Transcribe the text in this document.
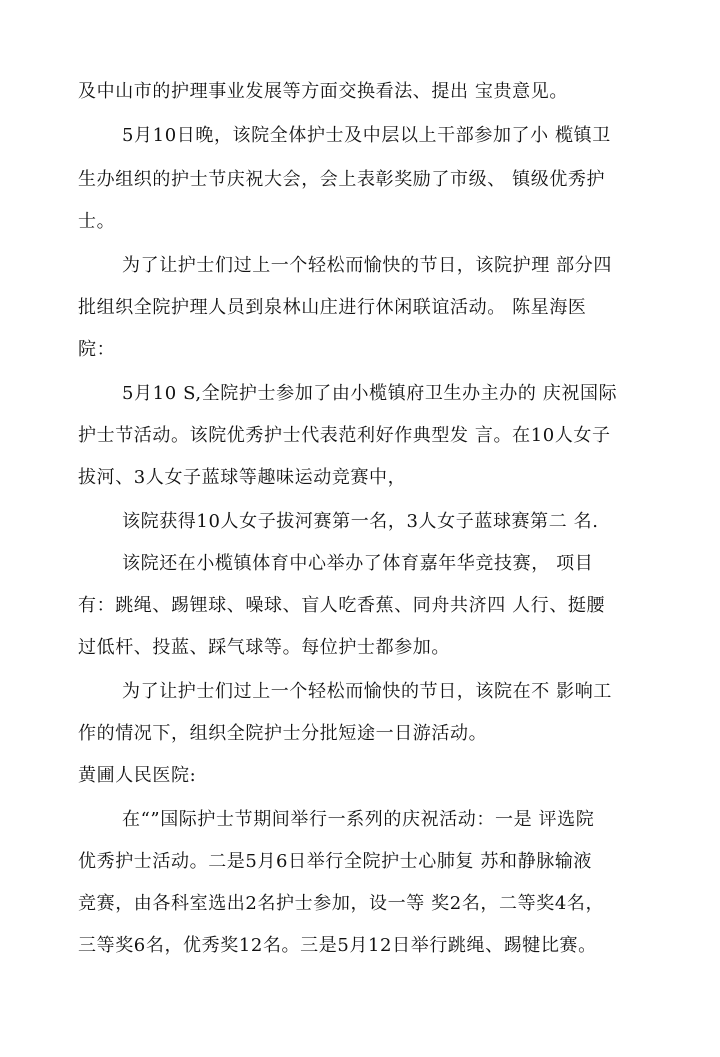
及中山市的护理事业发展等方面交换看法、提出 宝贵意见。
5月10日晚，该院全体护士及中层以上干部参加了小 榄镇卫
生办组织的护士节庆祝大会，会上表彰奖励了市级、 镇级优秀护
士。
为了让护士们过上一个轻松而愉快的节日，该院护理 部分四
批组织全院护理人员到泉林山庄进行休闲联谊活动。 陈星海医
院：
5月10 S,全院护士参加了由小榄镇府卫生办主办的 庆祝国际
护士节活动。该院优秀护士代表范利好作典型发 言。在10人女子
拔河、3人女子蓝球等趣味运动竞赛中，
该院获得10人女子拔河赛第一名，3人女子蓝球赛第二 名.
该院还在小榄镇体育中心举办了体育嘉年华竞技赛， 项目
有：跳绳、踢锂球、噪球、盲人吃香蕉、同舟共济四 人行、挺腰
过低杆、投蓝、踩气球等。每位护士都参加。
为了让护士们过上一个轻松而愉快的节日，该院在不 影响工
作的情况下，组织全院护士分批短途一日游活动。
黄圃人民医院:
在“”国际护士节期间举行一系列的庆祝活动：一是 评选院
优秀护士活动。二是5月6日举行全院护士心肺复 苏和静脉输液
竞赛，由各科室选出2名护士参加，设一等 奖2名，二等奖4名，
三等奖6名，优秀奖12名。三是5月12日举行跳绳、踢犍比赛。
